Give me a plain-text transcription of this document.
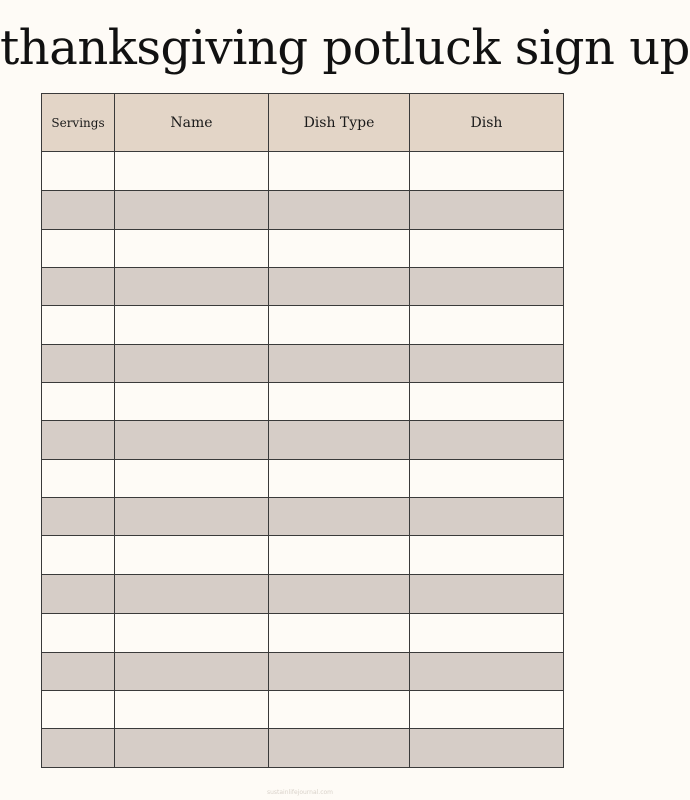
thanksgiving potluck sign up
Servings	Name	Dish Type	Dish

sustainlifejournal.com
